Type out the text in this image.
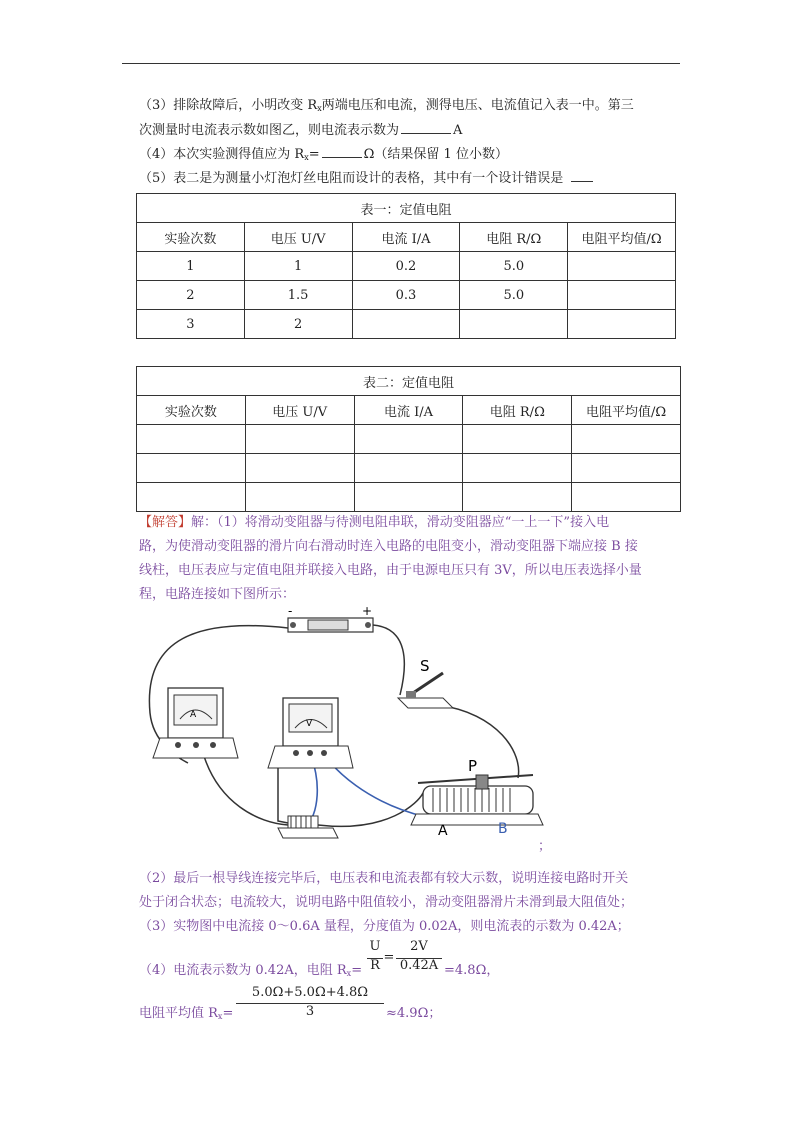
（3）排除故障后，小明改变 Rx两端电压和电流，测得电压、电流值记入表一中。第三
次测量时电流表示数如图乙，则电流表示数为	A
（4）本次实验测得值应为 Rx=	Ω（结果保留 1 位小数）
（5）表二是为测量小灯泡灯丝电阻而设计的表格，其中有一个设计错误是
表一：定值电阻				
实验次数	电压 U/V	电流 I/A	电阻 R/Ω	电阻平均值/Ω
1	1	0.2	5.0	
2	1.5	0.3	5.0	
3	2			
表二：定值电阻				
实验次数	电压 U/V	电流 I/A	电阻 R/Ω	电阻平均值/Ω

【解答】解：（1）将滑动变阻器与待测电阻串联，滑动变阻器应“一上一下”接入电
路，为使滑动变阻器的滑片向右滑动时连入电路的电阻变小，滑动变阻器下端应接 B 接
线柱，电压表应与定值电阻并联接入电路，由于电源电压只有 3V，所以电压表选择小量
程，电路连接如下图所示：
-	+
S
A
V
P
A	B
；
（2）最后一根导线连接完毕后，电压表和电流表都有较大示数，说明连接电路时开关
处于闭合状态；电流较大，说明电路中阻值较小，滑动变阻器滑片未滑到最大阻值处；
（3）实物图中电流接 0～0.6A 量程，分度值为 0.02A，则电流表的示数为 0.42A；
（4）电流表示数为 0.42A，电阻 Rx=
U
R
=
2V
0.42A =4.8Ω，
电阻平均值 Rx=
5.0Ω+5.0Ω+4.8Ω
3	≈4.9Ω；
